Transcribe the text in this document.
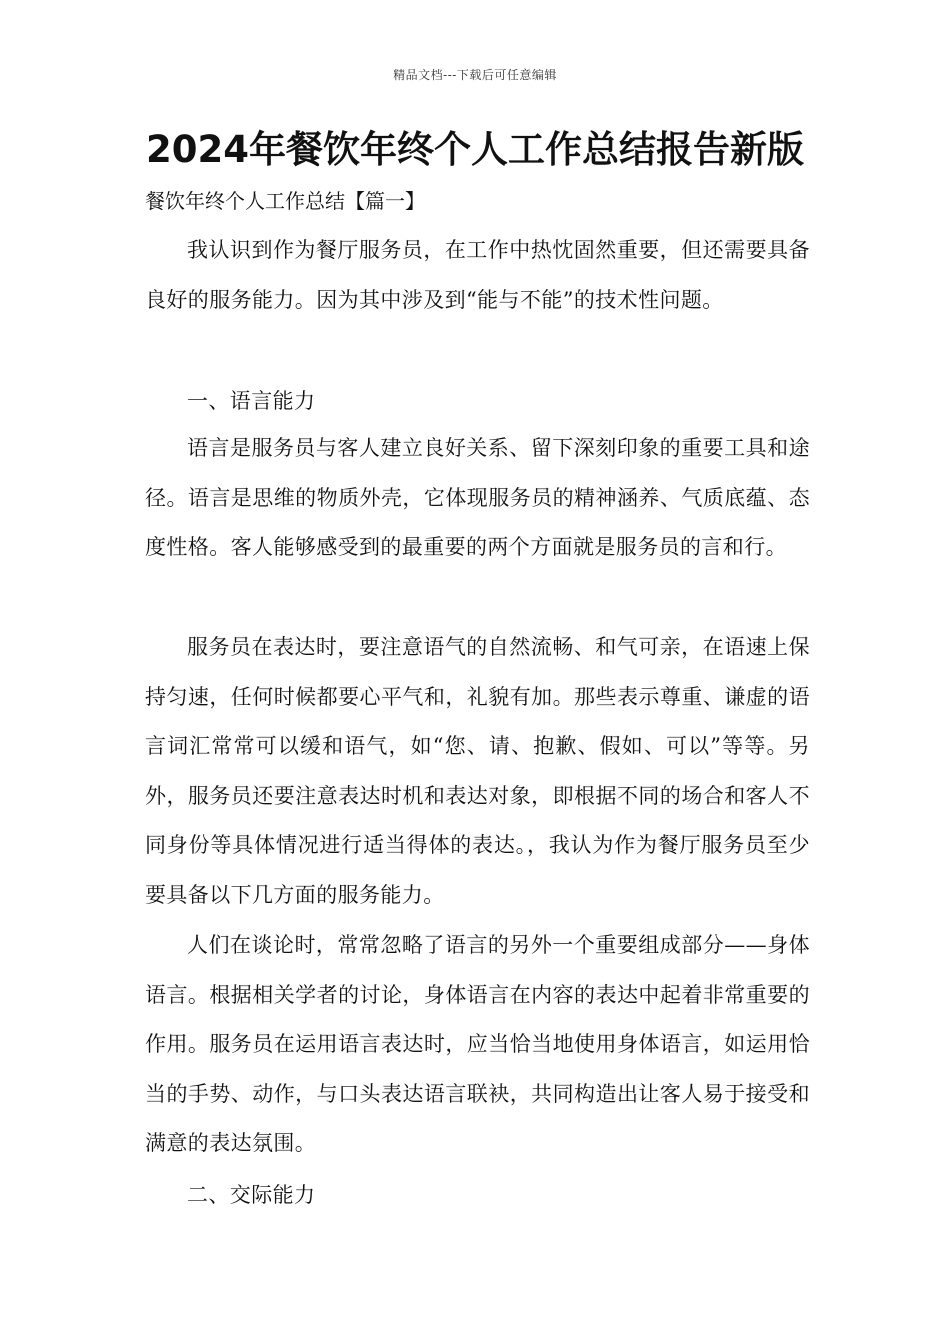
精品文档---下载后可任意编辑
2024年餐饮年终个人工作总结报告新版

餐饮年终个人工作总结【篇一】

我认识到作为餐厅服务员，在工作中热忱固然重要，但还需要具备良好的服务能力。因为其中涉及到“能与不能”的技术性问题。

一、语言能力

语言是服务员与客人建立良好关系、留下深刻印象的重要工具和途径。语言是思维的物质外壳，它体现服务员的精神涵养、气质底蕴、态度性格。客人能够感受到的最重要的两个方面就是服务员的言和行。

服务员在表达时，要注意语气的自然流畅、和气可亲，在语速上保持匀速，任何时候都要心平气和，礼貌有加。那些表示尊重、谦虚的语言词汇常常可以缓和语气，如“您、请、抱歉、假如、可以”等等。另外，服务员还要注意表达时机和表达对象，即根据不同的场合和客人不同身份等具体情况进行适当得体的表达。，我认为作为餐厅服务员至少要具备以下几方面的服务能力。

人们在谈论时，常常忽略了语言的另外一个重要组成部分——身体语言。根据相关学者的讨论，身体语言在内容的表达中起着非常重要的作用。服务员在运用语言表达时，应当恰当地使用身体语言，如运用恰当的手势、动作，与口头表达语言联袂，共同构造出让客人易于接受和满意的表达氛围。

二、交际能力
